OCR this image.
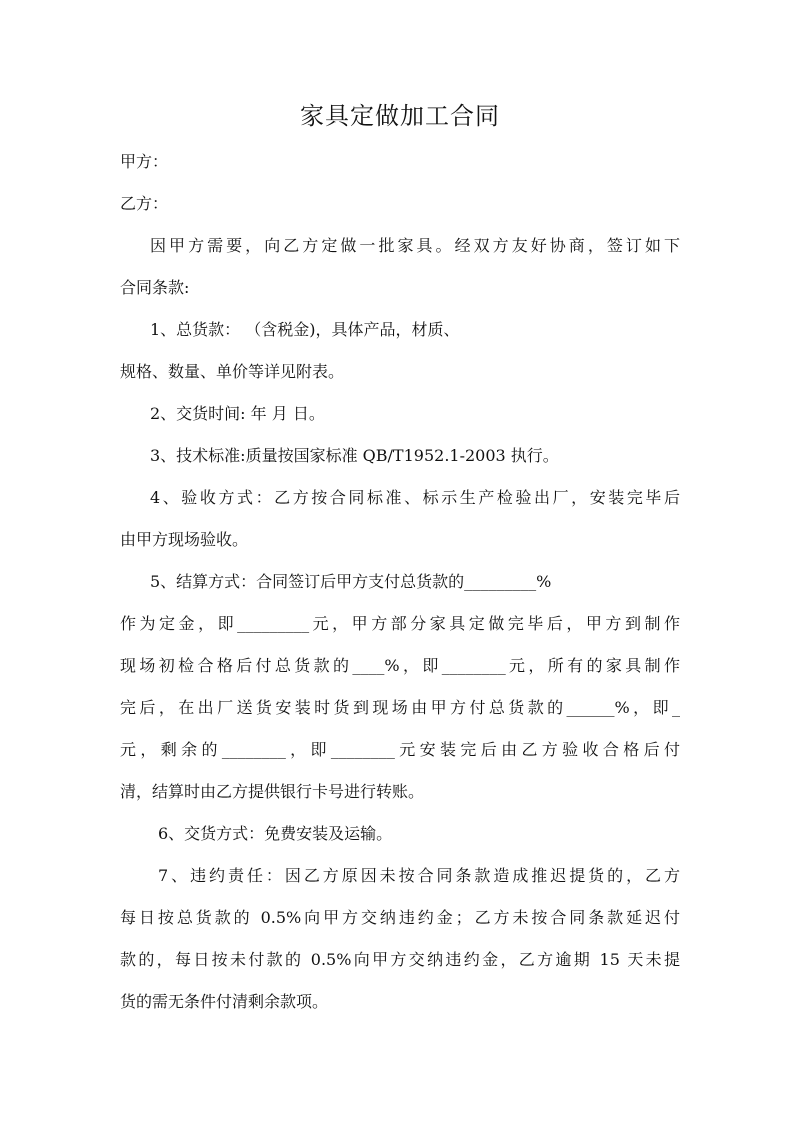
家具定做加工合同
甲方：
乙方：
因甲方需要，向乙方定做一批家具。经双方友好协商，签订如下
合同条款:
1、总货款： （含税金)，具体产品，材质、
规格、数量、单价等详见附表。
2、交货时间: 年 月 日。
3、技术标准:质量按国家标准 QB/T1952.1-2003 执行。
4、验收方式：乙方按合同标准、标示生产检验出厂，安装完毕后
由甲方现场验收。
5、结算方式：合同签订后甲方支付总货款的_________%
作为定金，即_________元，甲方部分家具定做完毕后，甲方到制作
现场初检合格后付总货款的____%，即________元，所有的家具制作
完后，在出厂送货安装时货到现场由甲方付总货款的______%，即_
元，剩余的________，即________元安装完后由乙方验收合格后付
清，结算时由乙方提供银行卡号进行转账。
6、交货方式：免费安装及运输。
7、违约责任：因乙方原因未按合同条款造成推迟提货的，乙方
每日按总货款的 0.5%向甲方交纳违约金；乙方未按合同条款延迟付
款的，每日按未付款的 0.5%向甲方交纳违约金，乙方逾期 15 天未提
货的需无条件付清剩余款项。
